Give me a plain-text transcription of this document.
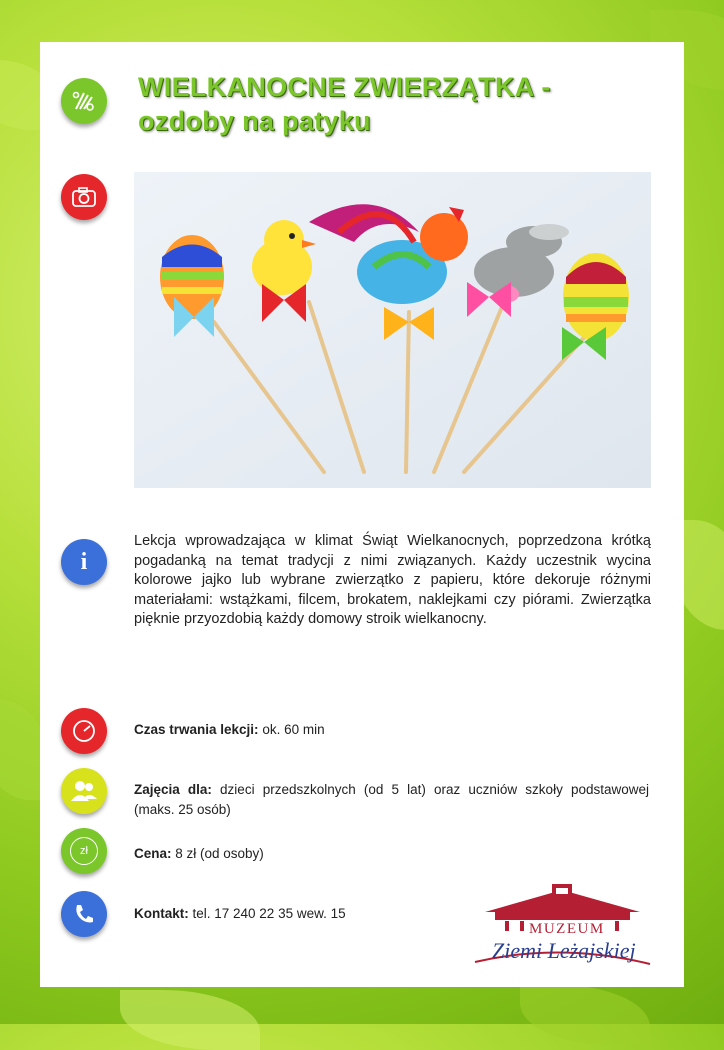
WIELKANOCNE ZWIERZĄTKA -
ozdoby na patyku
i

Lekcja wprowadzająca w klimat Świąt Wielkanocnych, poprzedzona krótką pogadanką na temat tradycji z nimi związanych. Każdy uczestnik wycina kolorowe jajko lub wybrane zwierzątko z papieru, które dekoruje różnymi materiałami: wstążkami, filcem, brokatem, naklejkami czy piórami. Zwierzątka pięknie przyozdobią każdy domowy stroik wielkanocny.

Czas trwania lekcji: ok. 60 min
Zajęcia dla: dzieci przedszkolnych (od 5 lat) oraz uczniów szkoły podstawowej (maks. 25 osób)
zł	Cena: 8 zł (od osoby)
Kontakt: tel. 17 240 22 35 wew. 15
MUZEUM
Ziemi Leżajskiej
